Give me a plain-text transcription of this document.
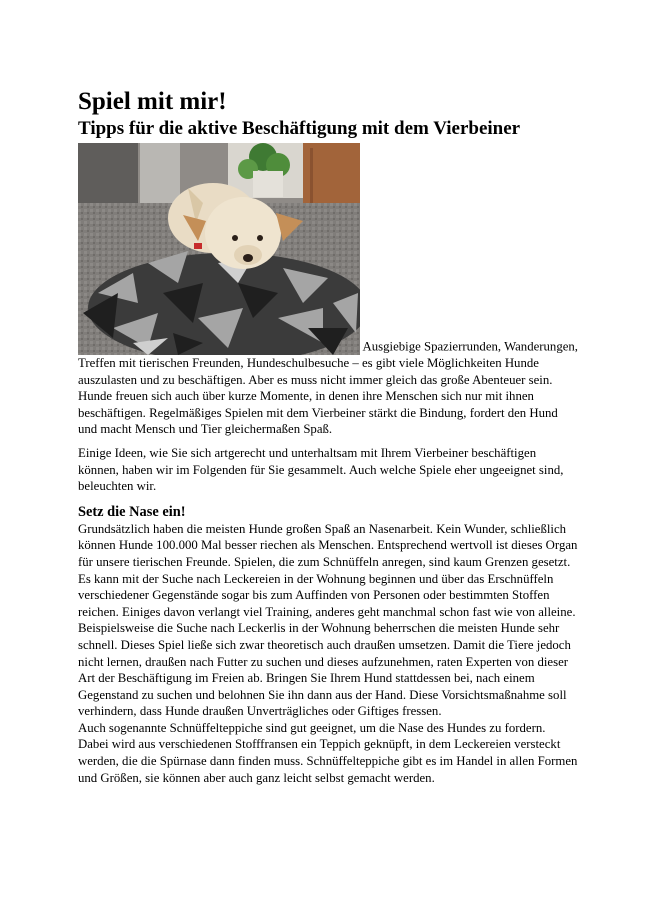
Spiel mit mir!
Tipps für die aktive Beschäftigung mit dem Vierbeiner

Ausgiebige Spazierrunden, Wanderungen, Treffen mit tierischen Freunden, Hundeschulbesuche – es gibt viele Möglichkeiten Hunde auszulasten und zu beschäftigen. Aber es muss nicht immer gleich das große Abenteuer sein. Hunde freuen sich auch über kurze Momente, in denen ihre Menschen sich nur mit ihnen beschäftigen. Regelmäßiges Spielen mit dem Vierbeiner stärkt die Bindung, fordert den Hund und macht Mensch und Tier gleichermaßen Spaß.

Einige Ideen, wie Sie sich artgerecht und unterhaltsam mit Ihrem Vierbeiner beschäftigen können, haben wir im Folgenden für Sie gesammelt. Auch welche Spiele eher ungeeignet sind, beleuchten wir.

Setz die Nase ein!

Grundsätzlich haben die meisten Hunde großen Spaß an Nasenarbeit. Kein Wunder, schließlich können Hunde 100.000 Mal besser riechen als Menschen. Entsprechend wertvoll ist dieses Organ für unsere tierischen Freunde. Spielen, die zum Schnüffeln anregen, sind kaum Grenzen gesetzt. Es kann mit der Suche nach Leckereien in der Wohnung beginnen und über das Erschnüffeln verschiedener Gegenstände sogar bis zum Auffinden von Personen oder bestimmten Stoffen reichen. Einiges davon verlangt viel Training, anderes geht manchmal schon fast wie von alleine. Beispielsweise die Suche nach Leckerlis in der Wohnung beherrschen die meisten Hunde sehr schnell. Dieses Spiel ließe sich zwar theoretisch auch draußen umsetzen. Damit die Tiere jedoch nicht lernen, draußen nach Futter zu suchen und dieses aufzunehmen, raten Experten von dieser Art der Beschäftigung im Freien ab. Bringen Sie Ihrem Hund stattdessen bei, nach einem Gegenstand zu suchen und belohnen Sie ihn dann aus der Hand. Diese Vorsichtsmaßnahme soll verhindern, dass Hunde draußen Unverträgliches oder Giftiges fressen.

Auch sogenannte Schnüffelteppiche sind gut geeignet, um die Nase des Hundes zu fordern. Dabei wird aus verschiedenen Stofffransen ein Teppich geknüpft, in dem Leckereien versteckt werden, die die Spürnase dann finden muss. Schnüffelteppiche gibt es im Handel in allen Formen und Größen, sie können aber auch ganz leicht selbst gemacht werden.
